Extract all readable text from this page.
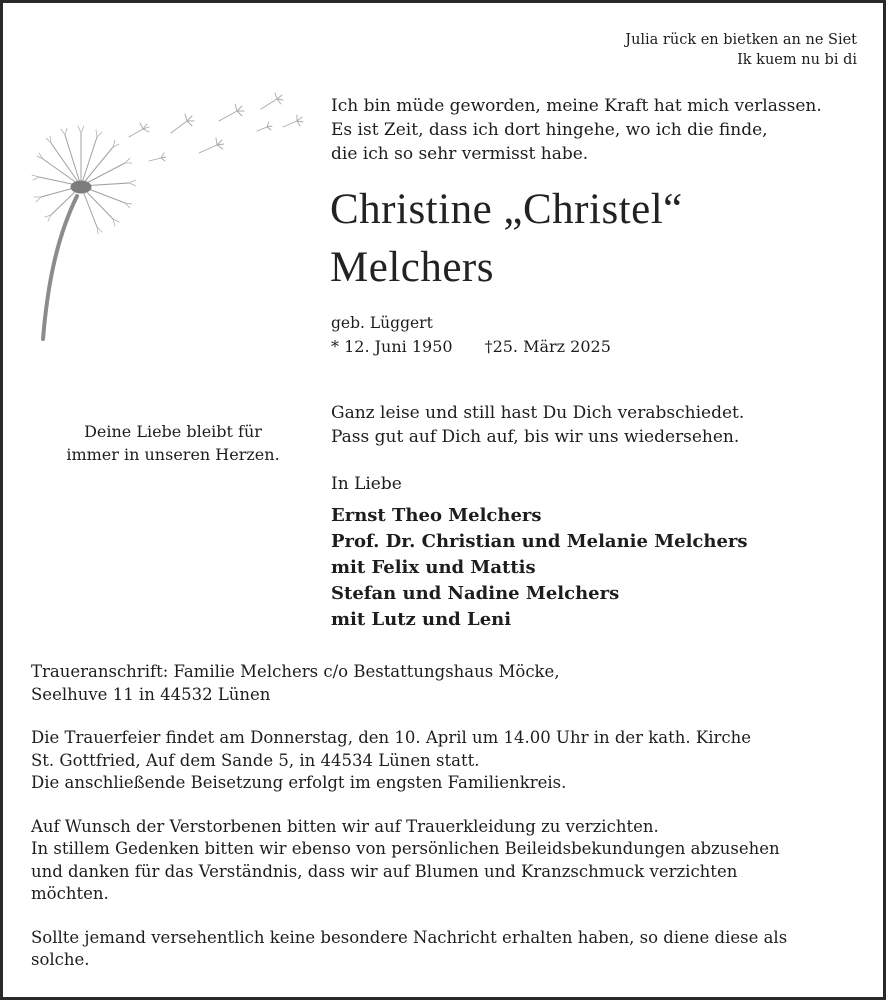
Julia rück en bietken an ne Siet
Ik kuem nu bi di
Ich bin müde geworden, meine Kraft hat mich verlassen.
Es ist Zeit, dass ich dort hingehe, wo ich die finde,
die ich so sehr vermisst habe.
Christine „Christel“
Melchers
geb. Lüggert
* 12. Juni 1950 †25. März 2025
Deine Liebe bleibt für
immer in unseren Herzen.
Ganz leise und still hast Du Dich verabschiedet.
Pass gut auf Dich auf, bis wir uns wiedersehen.
In Liebe
Ernst Theo Melchers
Prof. Dr. Christian und Melanie Melchers
mit Felix und Mattis
Stefan und Nadine Melchers
mit Lutz und Leni

Traueranschrift: Familie Melchers c/o Bestattungshaus Möcke,

Seelhuve 11 in 44532 Lünen

Die Trauerfeier findet am Donnerstag, den 10. April um 14.00 Uhr in der kath. Kirche

St. Gottfried, Auf dem Sande 5, in 44534 Lünen statt.

Die anschließende Beisetzung erfolgt im engsten Familienkreis.

Auf Wunsch der Verstorbenen bitten wir auf Trauerkleidung zu verzichten.

In stillem Gedenken bitten wir ebenso von persönlichen Beileidsbekundungen abzusehen

und danken für das Verständnis, dass wir auf Blumen und Kranzschmuck verzichten

möchten.

Sollte jemand versehentlich keine besondere Nachricht erhalten haben, so diene diese als

solche.
